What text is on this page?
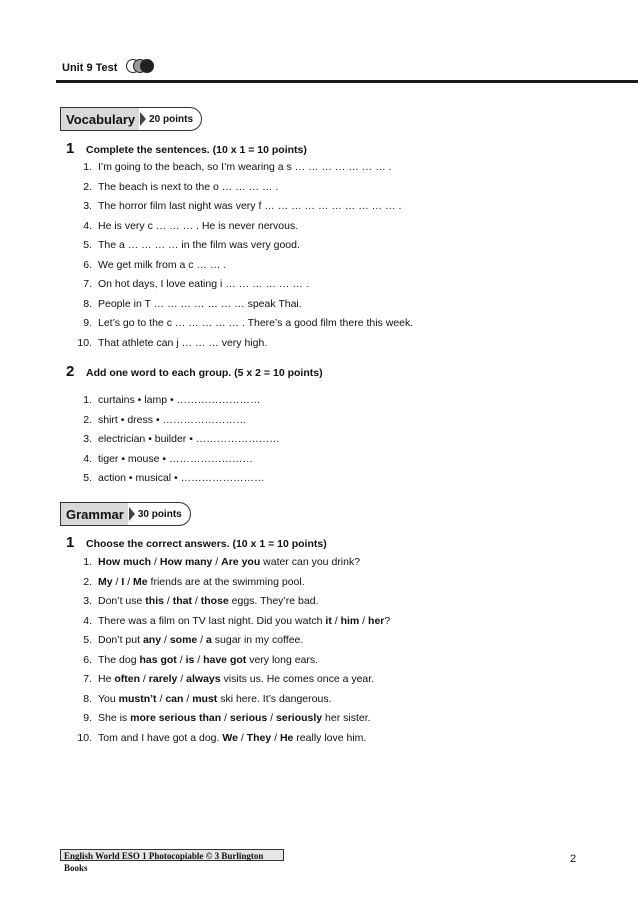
Unit 9 Test
Vocabulary	20 points
1	Complete the sentences. (10 x 1 = 10 points)
1. I’m going to the beach, so I’m wearing a s … … … … … … … .
2. The beach is next to the o … … … … .
3. The horror film last night was very f … … … … … … … … … … .
4. He is very c … … … . He is never nervous.
5. The a … … … … in the film was very good.
6. We get milk from a c … … .
7. On hot days, I love eating i … … … … … … .
8. People in T … … … … … … … speak Thai.
9. Let’s go to the c … … … … … . There’s a good film there this week.
10. That athlete can j … … … very high.
2	Add one word to each group. (5 x 2 = 10 points)
1. curtains • lamp • ……………………
2. shirt • dress • ……………………
3. electrician • builder • ……………………
4. tiger • mouse • ……………………
5. action • musical • ……………………
Grammar	30 points
1	Choose the correct answers. (10 x 1 = 10 points)
1. How much / How many / Are you water can you drink?
2. My / I / Me friends are at the swimming pool.
3. Don’t use this / that / those eggs. They’re bad.
4. There was a film on TV last night. Did you watch it / him / her?
5. Don’t put any / some / a sugar in my coffee.
6. The dog has got / is / have got very long ears.
7. He often / rarely / always visits us. He comes once a year.
8. You mustn’t / can / must ski here. It’s dangerous.
9. She is more serious than / serious / seriously her sister.
10. Tom and I have got a dog. We / They / He really love him.
English World ESO 1 Photocopiable © 3 Burlington Books
2
